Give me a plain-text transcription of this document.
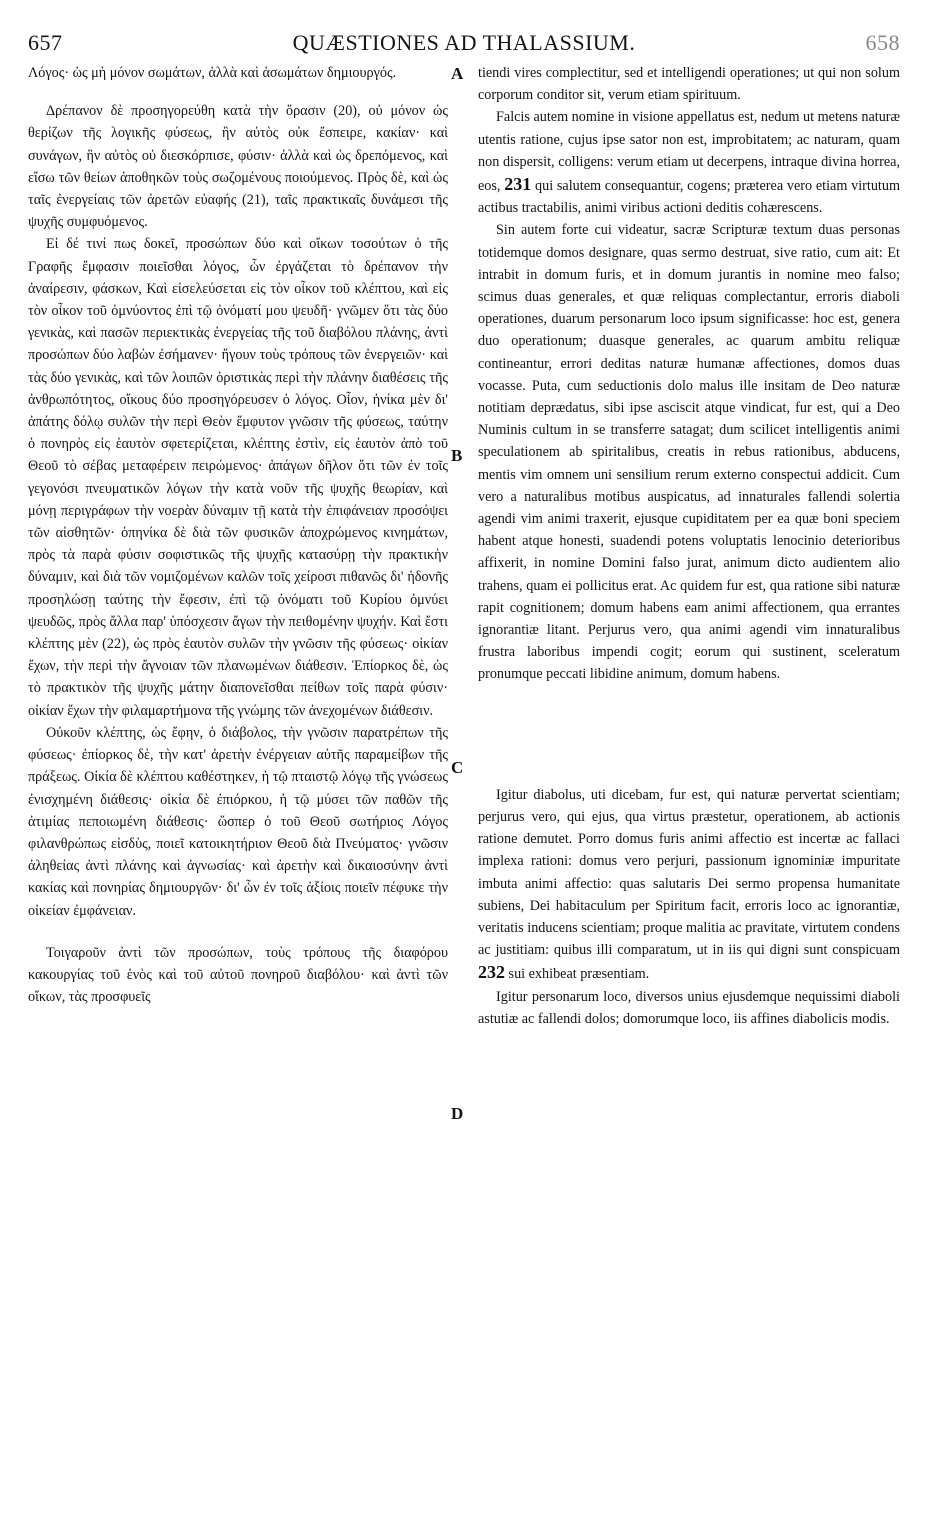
657	QUÆSTIONES AD THALASSIUM.	658
A
B
C
D

Λόγος· ὡς μὴ μόνον σωμάτων, ἀλλὰ καὶ ἀσωμάτων δημιουργός.

Δρέπανον δὲ προσηγορεύθη κατὰ τὴν ὅρασιν (20), οὐ μόνον ὡς θερίζων τῆς λογικῆς φύσεως, ἣν αὐτὸς οὐκ ἔσπειρε, κακίαν· καὶ συνάγων, ἣν αὐτὸς οὐ διεσκόρπισε, φύσιν· ἀλλὰ καὶ ὡς δρεπόμενος, καὶ εἴσω τῶν θείων ἀποθηκῶν τοὺς σωζομένους ποιούμενος. Πρὸς δὲ, καὶ ὡς ταῖς ἐνεργείαις τῶν ἀρετῶν εὐαφής (21), ταῖς πρακτικαῖς δυνάμεσι τῆς ψυχῆς συμφυόμενος.

Εἰ δέ τινί πως δοκεῖ, προσώπων δύο καὶ οἴκων τοσούτων ὁ τῆς Γραφῆς ἔμφασιν ποιεῖσθαι λόγος, ὧν ἐργάζεται τὸ δρέπανον τὴν ἀναίρεσιν, φάσκων, Καὶ εἰσελεύσεται εἰς τὸν οἶκον τοῦ κλέπτου, καὶ εἰς τὸν οἶκον τοῦ ὀμνύοντος ἐπὶ τῷ ὀνόματί μου ψευδῆ· γνῶμεν ὅτι τὰς δύο γενικὰς, καὶ πασῶν περιεκτικὰς ἐνεργείας τῆς τοῦ διαβόλου πλάνης, ἀντὶ προσώπων δύο λαβὼν ἐσήμανεν· ἤγουν τοὺς τρόπους τῶν ἐνεργειῶν· καὶ τὰς δύο γενικὰς, καὶ τῶν λοιπῶν ὁριστικὰς περὶ τὴν πλάνην διαθέσεις τῆς ἀνθρωπότητος, οἴκους δύο προσηγόρευσεν ὁ λόγος. Οἷον, ἡνίκα μὲν δι' ἀπάτης δόλῳ συλῶν τὴν περὶ Θεὸν ἔμφυτον γνῶσιν τῆς φύσεως, ταύτην ὁ πονηρὸς εἰς ἑαυτὸν σφετερίζεται, κλέπτης ἐστὶν, εἰς ἑαυτὸν ἀπὸ τοῦ Θεοῦ τὸ σέβας μεταφέρειν πειρώμενος· ἀπάγων δῆλον ὅτι τῶν ἐν τοῖς γεγονόσι πνευματικῶν λόγων τὴν κατὰ νοῦν τῆς ψυχῆς θεωρίαν, καὶ μόνῃ περιγράφων τὴν νοερὰν δύναμιν τῇ κατὰ τὴν ἐπιφάνειαν προσόψει τῶν αἰσθητῶν· ὁπηνίκα δὲ διὰ τῶν φυσικῶν ἀποχρώμενος κινημάτων, πρὸς τὰ παρὰ φύσιν σοφιστικῶς τῆς ψυχῆς κατασύρῃ τὴν πρακτικὴν δύναμιν, καὶ διὰ τῶν νομιζομένων καλῶν τοῖς χείροσι πιθανῶς δι' ἡδονῆς προσηλώσῃ ταύτης τὴν ἔφεσιν, ἐπὶ τῷ ὀνόματι τοῦ Κυρίου ὀμνύει ψευδῶς, πρὸς ἄλλα παρ' ὑπόσχεσιν ἄγων τὴν πειθομένην ψυχήν. Καὶ ἔστι κλέπτης μὲν (22), ὡς πρὸς ἑαυτὸν συλῶν τὴν γνῶσιν τῆς φύσεως· οἰκίαν ἔχων, τὴν περὶ τὴν ἄγνοιαν τῶν πλανωμένων διάθεσιν. Ἐπίορκος δὲ, ὡς τὸ πρακτικὸν τῆς ψυχῆς μάτην διαπονεῖσθαι πείθων τοῖς παρὰ φύσιν· οἰκίαν ἔχων τὴν φιλαμαρτήμονα τῆς γνώμης τῶν ἀνεχομένων διάθεσιν.

Οὐκοῦν κλέπτης, ὡς ἔφην, ὁ διάβολος, τὴν γνῶσιν παρατρέπων τῆς φύσεως· ἐπίορκος δὲ, τὴν κατ' ἀρετὴν ἐνέργειαν αὐτῆς παραμείβων τῆς πράξεως. Οἰκία δὲ κλέπτου καθέστηκεν, ἡ τῷ πταιστῷ λόγῳ τῆς γνώσεως ἐνισχημένη διάθεσις· οἰκία δὲ ἐπιόρκου, ἡ τῷ μύσει τῶν παθῶν τῆς ἀτιμίας πεποιωμένη διάθεσις· ὥσπερ ὁ τοῦ Θεοῦ σωτήριος Λόγος φιλανθρώπως εἰσδὺς, ποιεῖ κατοικητήριον Θεοῦ διὰ Πνεύματος· γνῶσιν ἀληθείας ἀντὶ πλάνης καὶ ἀγνωσίας· καὶ ἀρετὴν καὶ δικαιοσύνην ἀντὶ κακίας καὶ πονηρίας δημιουργῶν· δι' ὧν ἐν τοῖς ἀξίοις ποιεῖν πέφυκε τὴν οἰκείαν ἐμφάνειαν.

Τοιγαροῦν ἀντὶ τῶν προσώπων, τοὺς τρόπους τῆς διαφόρου κακουργίας τοῦ ἑνὸς καὶ τοῦ αὐτοῦ πονηροῦ διαβόλου· καὶ ἀντὶ τῶν οἴκων, τὰς προσφυεῖς

tiendi vires complectitur, sed et intelligendi operationes; ut qui non solum corporum conditor sit, verum etiam spirituum.

Falcis autem nomine in visione appellatus est, nedum ut metens naturæ utentis ratione, cujus ipse sator non est, improbitatem; ac naturam, quam non dispersit, colligens: verum etiam ut decerpens, intraque divina horrea, eos, 231 qui salutem consequantur, cogens; præterea vero etiam virtutum actibus tractabilis, animi viribus actioni deditis cohæresсens.

Sin autem forte cui videatur, sacræ Scripturæ textum duas personas totidemque domos designare, quas sermo destruat, sive ratio, cum ait: Et intrabit in domum furis, et in domum jurantis in nomine meo falso; scimus duas generales, et quæ reliquas complectantur, erroris diaboli operationes, duarum personarum loco ipsum significasse: hoc est, genera duo operationum; duasque generales, ac quarum ambitu reliquæ contineantur, errori deditas naturæ humanæ affectiones, domos duas vocasse. Puta, cum seductionis dolo malus ille insitam de Deo naturæ notitiam deprædatus, sibi ipse asciscit atque vindicat, fur est, qui a Deo Numinis cultum in se transferre satagat; dum scilicet intelligentis animi speculationem ab spiritalibus, creatis in rebus rationibus, abducens, mentis vim omnem uni sensilium rerum externo conspectui addicit. Cum vero a naturalibus motibus auspicatus, ad innaturales fallendi solertia agendi vim animi traxerit, ejusque cupiditatem per ea quæ boni speciem habent atque honesti, suadendi potens voluptatis lenocinio deterioribus affixerit, in nomine Domini falso jurat, animum dicto audientem alio trahens, quam ei pollicitus erat. Ac quidem fur est, qua ratione sibi naturæ rapit cognitionem; domum habens eam animi affectionem, qua errantes ignorantiæ litant. Perjurus vero, qua animi agendi vim innaturalibus frustra laboribus impendi cogit; eorum qui sustinent, sceleratum pronumque peccati libidine animum, domum habens.

Igitur diabolus, uti dicebam, fur est, qui naturæ pervertat scientiam; perjurus vero, qui ejus, qua virtus præstetur, operationem, ab actionis ratione demutet. Porro domus furis animi affectio est incertæ ac fallaci implexa rationi: domus vero perjuri, passionum ignominiæ impuritate imbuta animi affectio: quas salutaris Dei sermo propensa humanitate subiens, Dei habitaculum per Spiritum facit, erroris loco ac ignorantiæ, veritatis inducens scientiam; proque malitia ac pravitate, virtutem condens ac justitiam: quibus illi comparatum, ut in iis qui digni sunt conspicuam 232 sui exhibeat præsentiam.

Igitur personarum loco, diversos unius ejusdemque nequissimi diaboli astutiæ ac fallendi dolos; domorumque loco, iis affines diabolicis modis.
